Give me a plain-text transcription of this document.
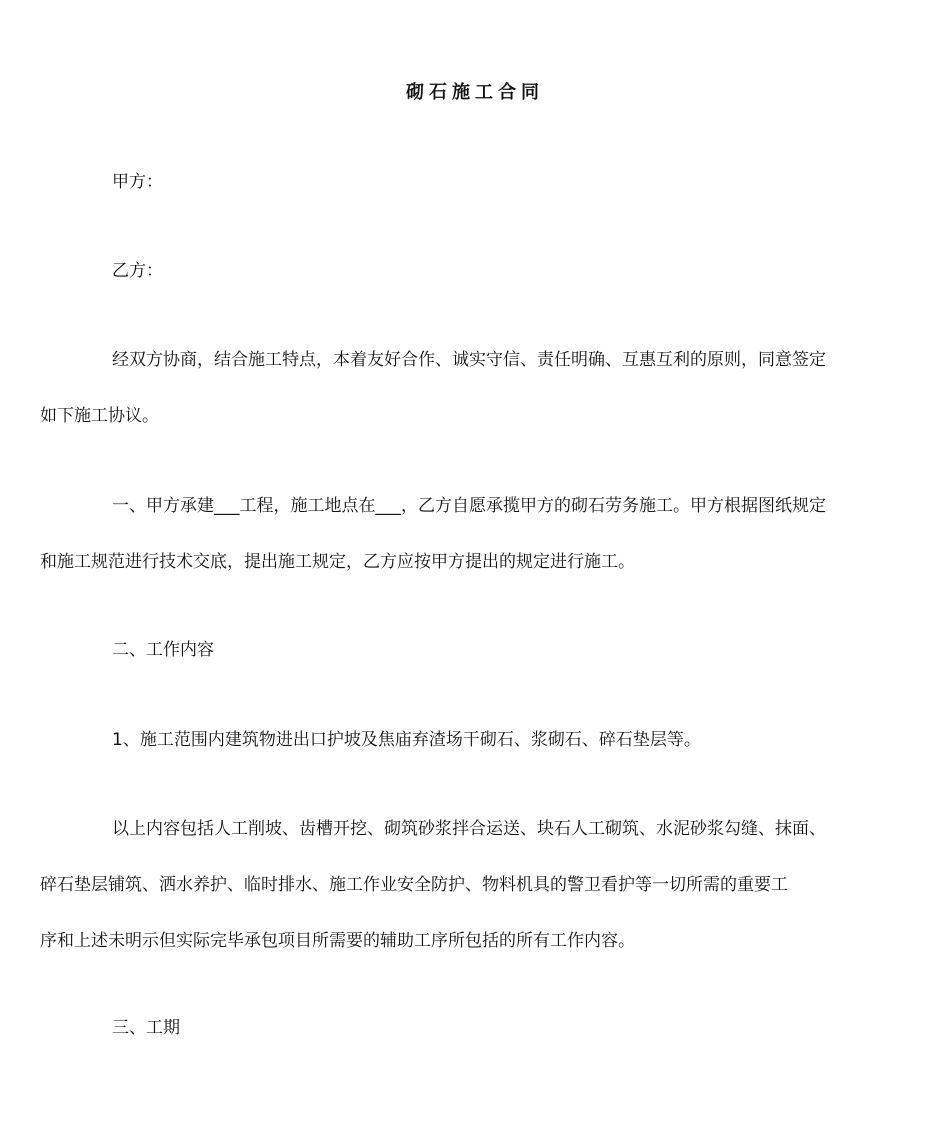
砌石施工合同
甲方：
乙方：
经双方协商，结合施工特点，本着友好合作、诚实守信、责任明确、互惠互利的原则，同意签定
如下施工协议。
一、甲方承建___工程，施工地点在___，乙方自愿承揽甲方的砌石劳务施工。甲方根据图纸规定
和施工规范进行技术交底，提出施工规定，乙方应按甲方提出的规定进行施工。
二、工作内容
1、施工范围内建筑物进出口护坡及焦庙弃渣场干砌石、浆砌石、碎石垫层等。
以上内容包括人工削坡、齿槽开挖、砌筑砂浆拌合运送、块石人工砌筑、水泥砂浆勾缝、抹面、
碎石垫层铺筑、洒水养护、临时排水、施工作业安全防护、物料机具的警卫看护等一切所需的重要工
序和上述未明示但实际完毕承包项目所需要的辅助工序所包括的所有工作内容。
三、工期
